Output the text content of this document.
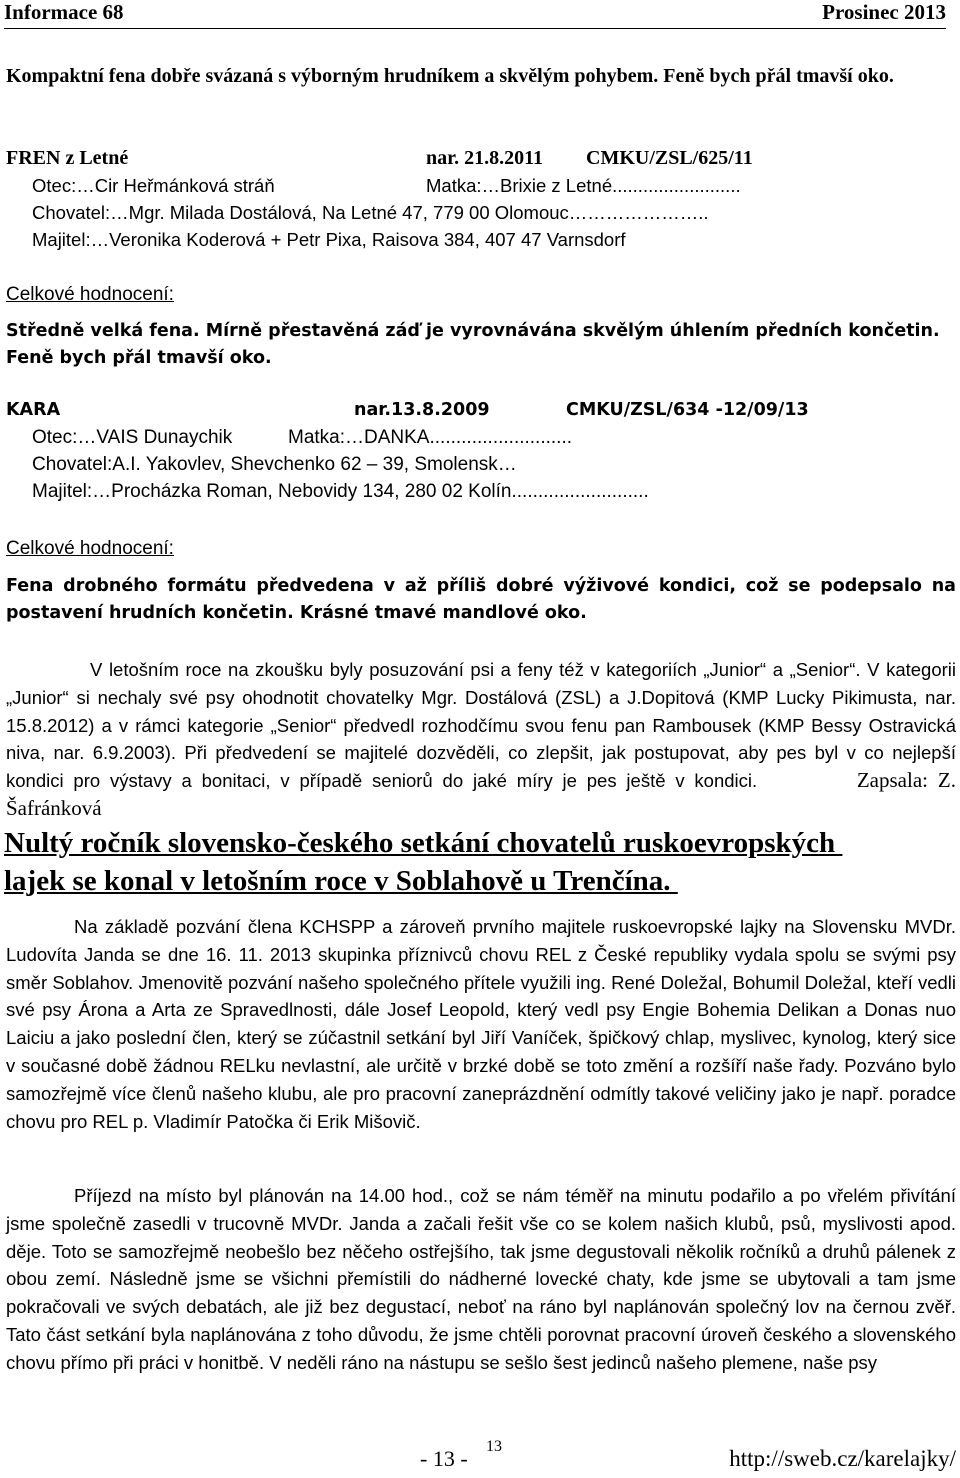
Informace 68	Prosinec 2013
Kompaktní fena dobře svázaná s výborným hrudníkem a skvělým pohybem. Feně bych přál tmavší oko.
FREN z Letné	nar. 21.8.2011 CMKU/ZSL/625/11
Otec:…Cir Heřmánková stráň	Matka:…Brixie z Letné.........................
Chovatel:…Mgr. Milada Dostálová, Na Letné 47, 779 00 Olomouc…………………..
Majitel:…Veronika Koderová + Petr Pixa, Raisova 384, 407 47 Varnsdorf
Celkové hodnocení:
Středně velká fena. Mírně přestavěná záď je vyrovnávána skvělým úhlením předních končetin. Feně bych přál tmavší oko.
KARA	nar.13.8.2009	CMKU/ZSL/634 -12/09/13
Otec:…VAIS Dunaychik	Matka:…DANKA...........................
Chovatel:A.I. Yakovlev, Shevchenko 62 – 39, Smolensk…
Majitel:…Procházka Roman, Nebovidy 134, 280 02 Kolín..........................
Celkové hodnocení:
Fena drobného formátu předvedena v až příliš dobré výživové kondici, což se podepsalo na postavení hrudních končetin. Krásné tmavé mandlové oko.
V letošním roce na zkoušku byly posuzování psi a feny též v kategoriích „Junior“ a „Senior“. V kategorii „Junior“ si nechaly své psy ohodnotit chovatelky Mgr. Dostálová (ZSL) a J.Dopitová (KMP Lucky Pikimusta, nar. 15.8.2012) a v rámci kategorie „Senior“ předvedl rozhodčímu svou fenu pan Rambousek (KMP Bessy Ostravická niva, nar. 6.9.2003). Při předvedení se majitelé dozvěděli, co zlepšit, jak postupovat, aby pes byl v co nejlepší kondici pro výstavy a bonitaci, v případě seniorů do jaké míry je pes ještě v kondici.	Zapsala: Z. Šafránková
Nultý ročník slovensko-českého setkání chovatelů ruskoevropských
lajek se konal v letošním roce v Soblahově u Trenčína.
Na základě pozvání člena KCHSPP a zároveň prvního majitele ruskoevropské lajky na Slovensku MVDr. Ludovíta Janda se dne 16. 11. 2013 skupinka příznivců chovu REL z České republiky vydala spolu se svými psy směr Soblahov. Jmenovitě pozvání našeho společného přítele využili ing. René Doležal, Bohumil Doležal, kteří vedli své psy Árona a Arta ze Spravedlnosti, dále Josef Leopold, který vedl psy Engie Bohemia Delikan a Donas nuo Laiciu a jako poslední člen, který se zúčastnil setkání byl Jiří Vaníček, špičkový chlap, myslivec, kynolog, který sice v současné době žádnou RELku nevlastní, ale určitě v brzké době se toto změní a rozšíří naše řady. Pozváno bylo samozřejmě více členů našeho klubu, ale pro pracovní zaneprázdnění odmítly takové veličiny jako je např. poradce chovu pro REL p. Vladimír Patočka či Erik Mišovič.
Příjezd na místo byl plánován na 14.00 hod., což se nám téměř na minutu podařilo a po vřelém přivítání jsme společně zasedli v trucovně MVDr. Janda a začali řešit vše co se kolem našich klubů, psů, myslivosti apod. děje. Toto se samozřejmě neobešlo bez něčeho ostřejšího, tak jsme degustovali několik ročníků a druhů pálenek z obou zemí. Následně jsme se všichni přemístili do nádherné lovecké chaty, kde jsme se ubytovali a tam jsme pokračovali ve svých debatách, ale již bez degustací, neboť na ráno byl naplánován společný lov na černou zvěř. Tato část setkání byla naplánována z toho důvodu, že jsme chtěli porovnat pracovní úroveň českého a slovenského chovu přímo při práci v honitbě. V neděli ráno na nástupu se sešlo šest jedinců našeho plemene, naše psy
- 13 - 13	http://sweb.cz/karelajky/
